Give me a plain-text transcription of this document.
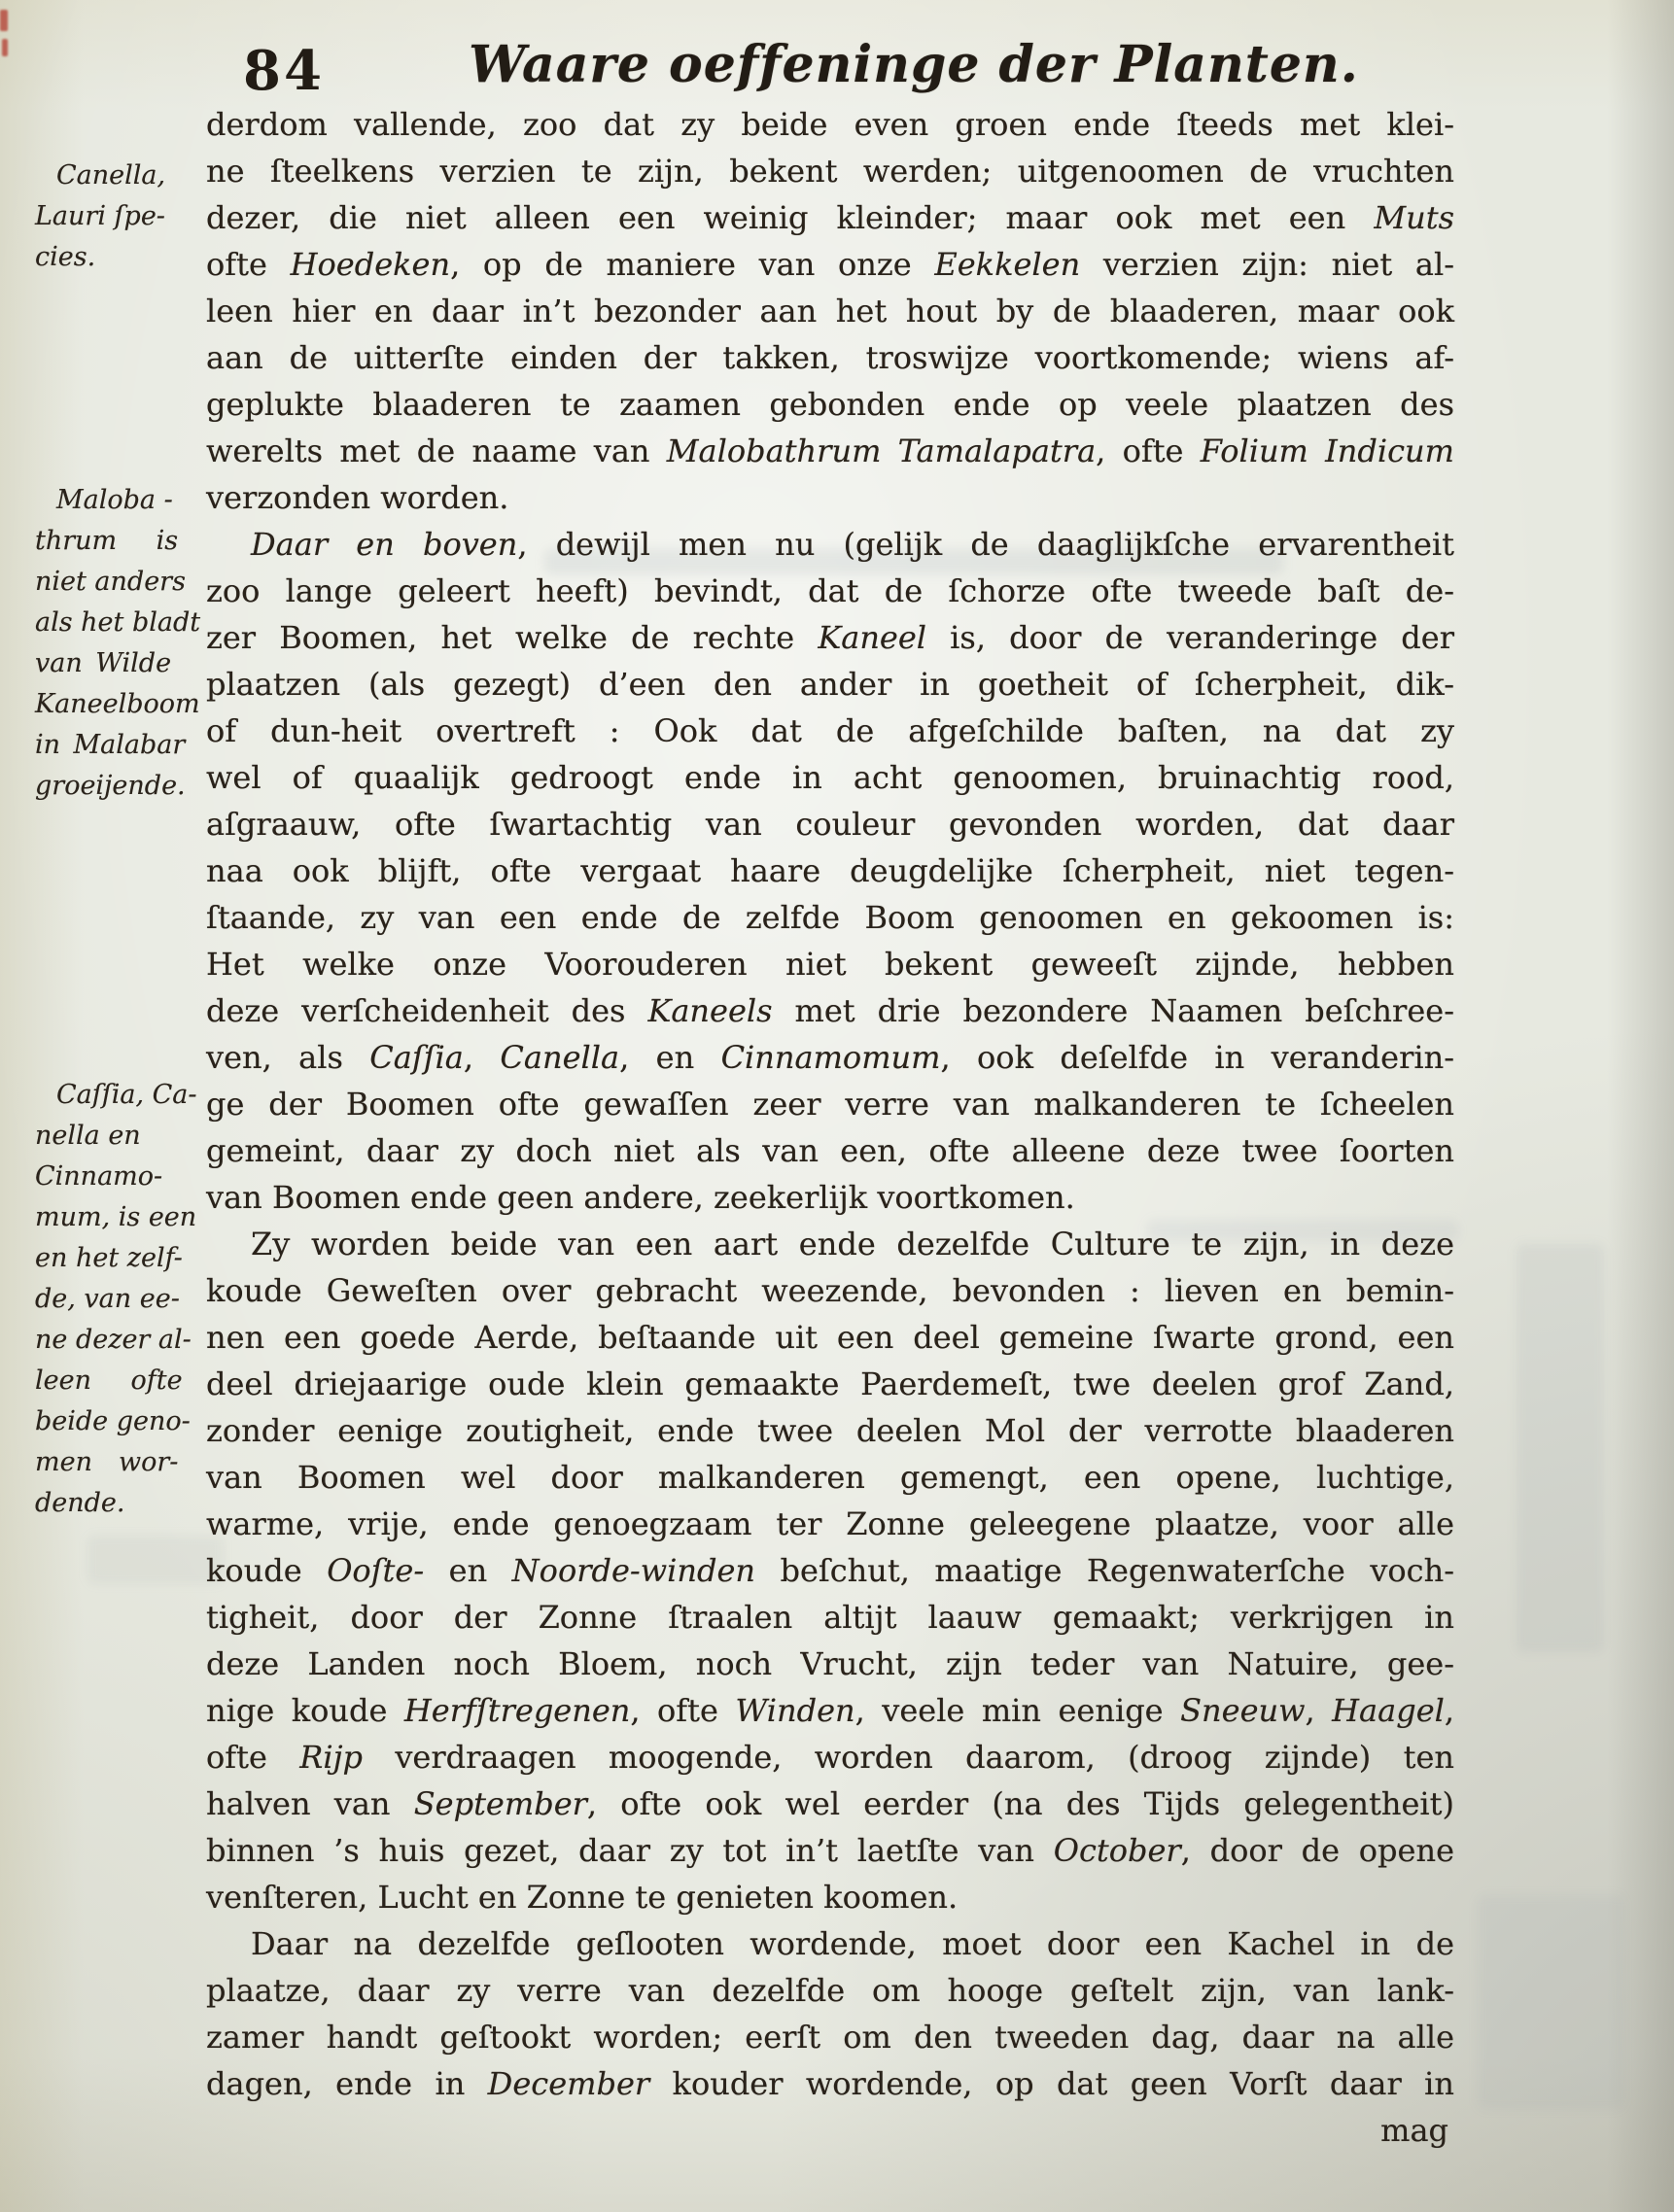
84	Waare oeffeninge der Planten.
Canella,
Lauri ſpe-
cies.
Maloba -
thrum  is
niet anders
als het bladt
van Wilde
Kaneelboom
in Malabar
groeijende.
Caſſia, Ca-
nella en
Cinnamo-
mum, is een
en het zelf-
de, van ee-
ne dezer al-
leen  ofte
beide geno-
men wor-
dende.
derdom vallende, zoo dat zy beide even groen ende ſteeds met klei-
ne ſteelkens verzien te zijn, bekent werden; uitgenoomen de vruchten
dezer, die niet alleen een weinig kleinder; maar ook met een Muts
ofte Hoedeken, op de maniere van onze Eekkelen verzien zijn: niet al-
leen hier en daar in’t bezonder aan het hout by de blaaderen, maar ook
aan de uitterſte einden der takken, troswijze voortkomende; wiens af-
geplukte blaaderen te zaamen gebonden ende op veele plaatzen des
werelts met de naame van Malobathrum Tamalapatra, ofte Folium Indicum
verzonden worden.
Daar en boven, dewijl men nu (gelijk de daaglijkſche ervarentheit
zoo lange geleert heeft) bevindt, dat de ſchorze ofte tweede baſt de-
zer Boomen, het welke de rechte Kaneel is, door de veranderinge der
plaatzen (als gezegt) d’een den ander in goetheit of ſcherpheit, dik-
of dun-heit overtreft : Ook dat de afgeſchilde baſten, na dat zy
wel of quaalijk gedroogt ende in acht genoomen, bruinachtig rood,
aſgraauw, ofte ſwartachtig van couleur gevonden worden, dat daar
naa ook blijft, ofte vergaat haare deugdelijke ſcherpheit, niet tegen-
ſtaande, zy van een ende de zelfde Boom genoomen en gekoomen is:
Het welke onze Voorouderen niet bekent geweeſt zijnde, hebben
deze verſcheidenheit des Kaneels met drie bezondere Naamen beſchree-
ven, als Caſſia, Canella, en Cinnamomum, ook deſelfde in veranderin-
ge der Boomen ofte gewaſſen zeer verre van malkanderen te ſcheelen
gemeint, daar zy doch niet als van een, ofte alleene deze twee ſoorten
van Boomen ende geen andere, zeekerlijk voortkomen.
Zy worden beide van een aart ende dezelfde Culture te zijn, in deze
koude Geweſten over gebracht weezende, bevonden : lieven en bemin-
nen een goede Aerde, beſtaande uit een deel gemeine ſwarte grond, een
deel driejaarige oude klein gemaakte Paerdemeſt, twe deelen grof Zand,
zonder eenige zoutigheit, ende twee deelen Mol der verrotte blaaderen
van Boomen wel door malkanderen gemengt, een opene, luchtige,
warme, vrije, ende genoegzaam ter Zonne geleegene plaatze, voor alle
koude Ooſte- en Noorde-winden beſchut, maatige Regenwaterſche voch-
tigheit, door der Zonne ſtraalen altijt laauw gemaakt; verkrijgen in
deze Landen noch Bloem, noch Vrucht, zijn teder van Natuire, gee-
nige koude Herfſtregenen, ofte Winden, veele min eenige Sneeuw, Haagel,
ofte Rijp verdraagen moogende, worden daarom, (droog zijnde) ten
halven van September, ofte ook wel eerder (na des Tijds gelegentheit)
binnen ’s huis gezet, daar zy tot in’t laetſte van October, door de opene
venſteren, Lucht en Zonne te genieten koomen.
Daar na dezelfde geſlooten wordende, moet door een Kachel in de
plaatze, daar zy verre van dezelfde om hooge geſtelt zijn, van lank-
zamer handt geſtookt worden; eerſt om den tweeden dag, daar na alle
dagen, ende in December kouder wordende, op dat geen Vorſt daar in
mag
